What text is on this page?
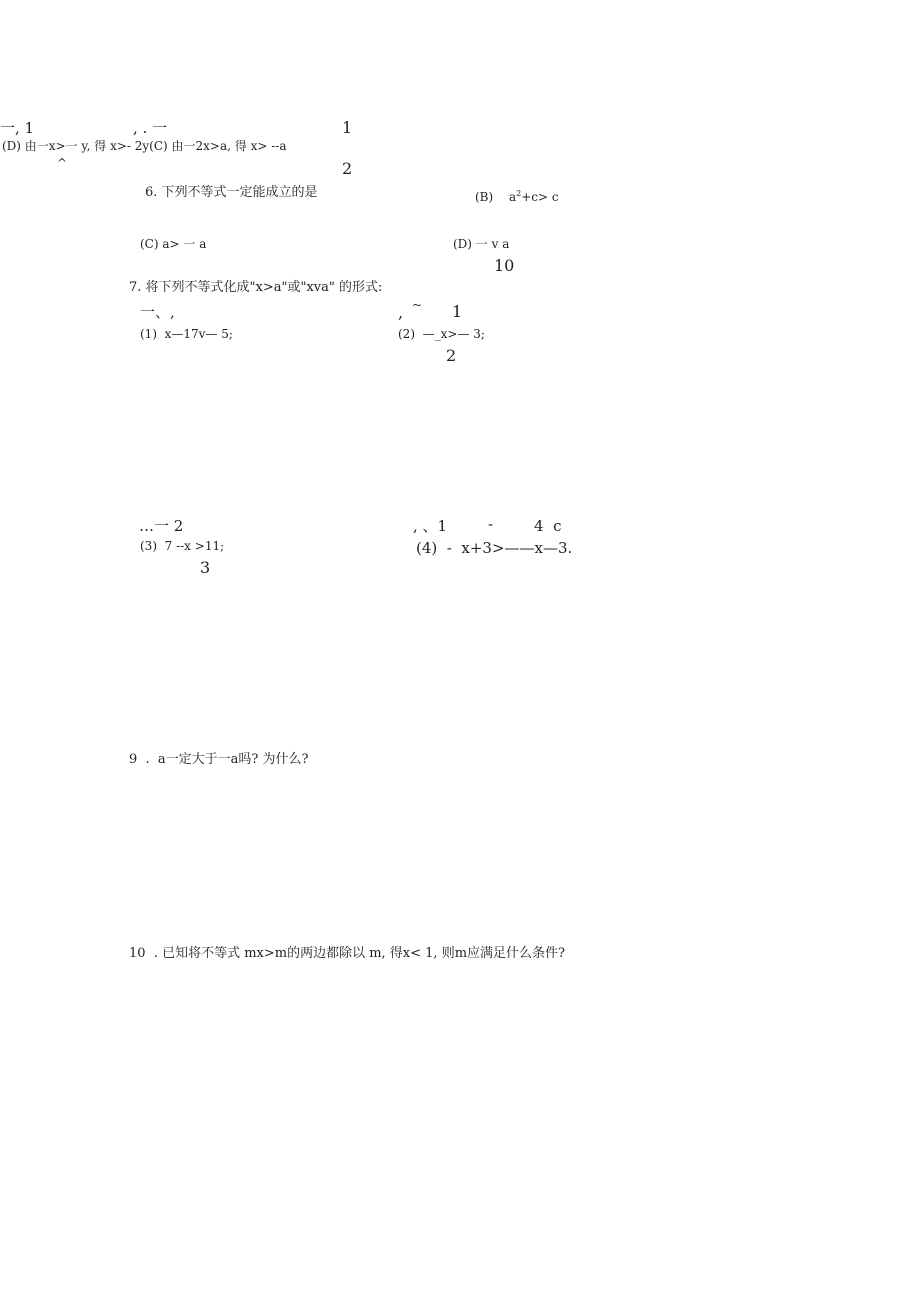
一, 1	, . 一	1
(D) 由一x>一 y, 得 x>- 2y(C) 由一2x>a, 得 x> --a
^	2
6. 下列不等式一定能成立的是	(B) $a^2+c> c$
(C) a> 一 a	(D) 一 v a
10
7. 将下列不等式化成"x>a"或"xva" 的形式:
一、,	, ~ 1
(1)  x—17v— 5;	(2)  —_x>— 3;
2
…一 2	, 、1	-	4  c
(3)  7 --x >11;	(4)  -  x+3>——x—3.
3
9  .  a一定大于一a吗? 为什么?
10  . 已知将不等式 mx>m的两边都除以 m, 得x< 1, 则m应满足什么条件?
